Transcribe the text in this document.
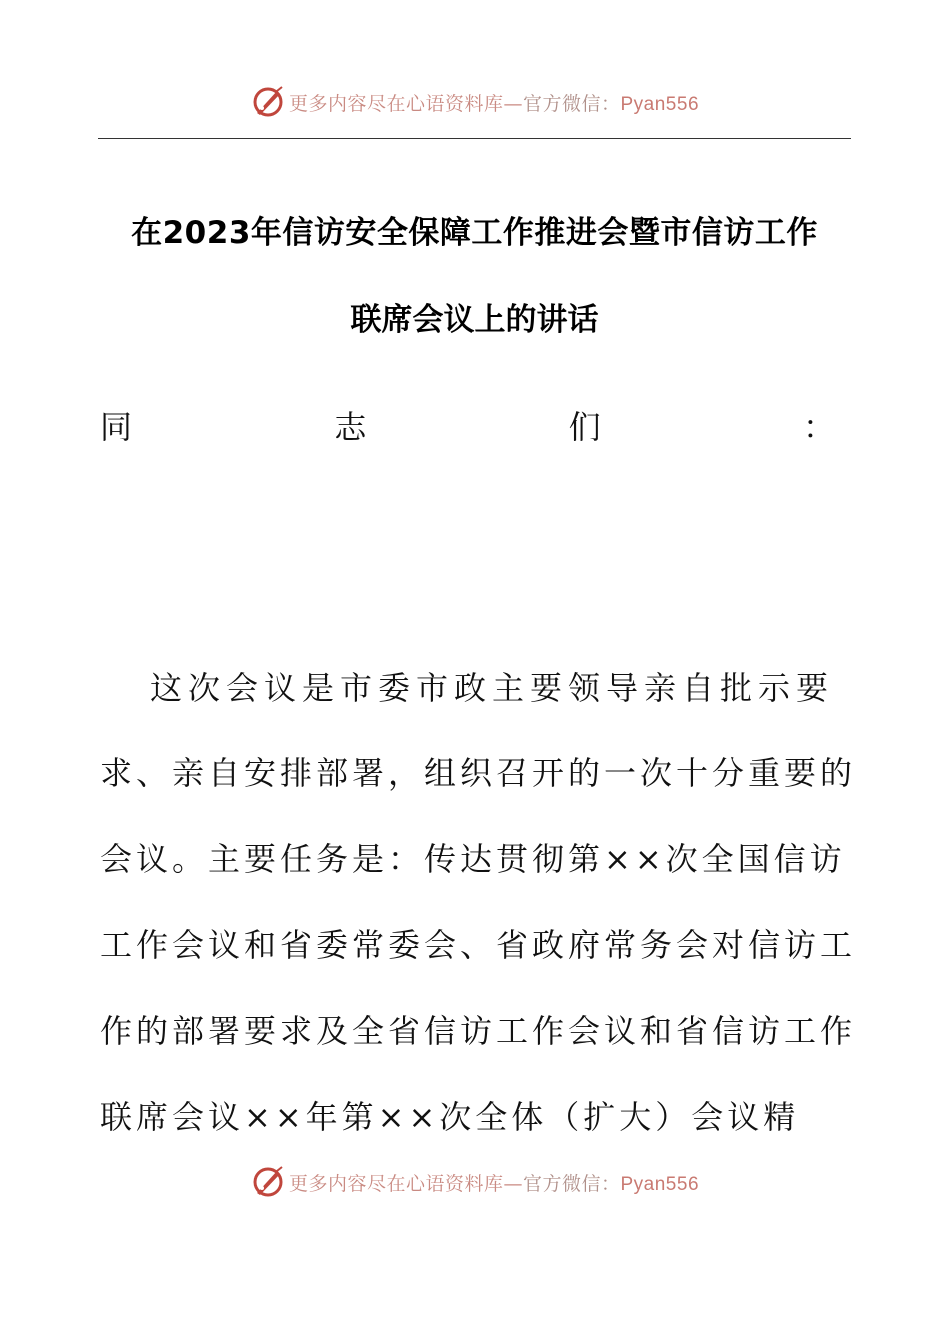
更多内容尽在心语资料库—官方微信：Pyan556
在2023年信访安全保障工作推进会暨市信访工作
联席会议上的讲话
同	志	们	：
这次会议是市委市政主要领导亲自批示要
求、亲自安排部署，组织召开的一次十分重要的
会议。主要任务是：传达贯彻第××次全国信访
工作会议和省委常委会、省政府常务会对信访工
作的部署要求及全省信访工作会议和省信访工作
联席会议××年第××次全体（扩大）会议精
更多内容尽在心语资料库—官方微信：Pyan556
